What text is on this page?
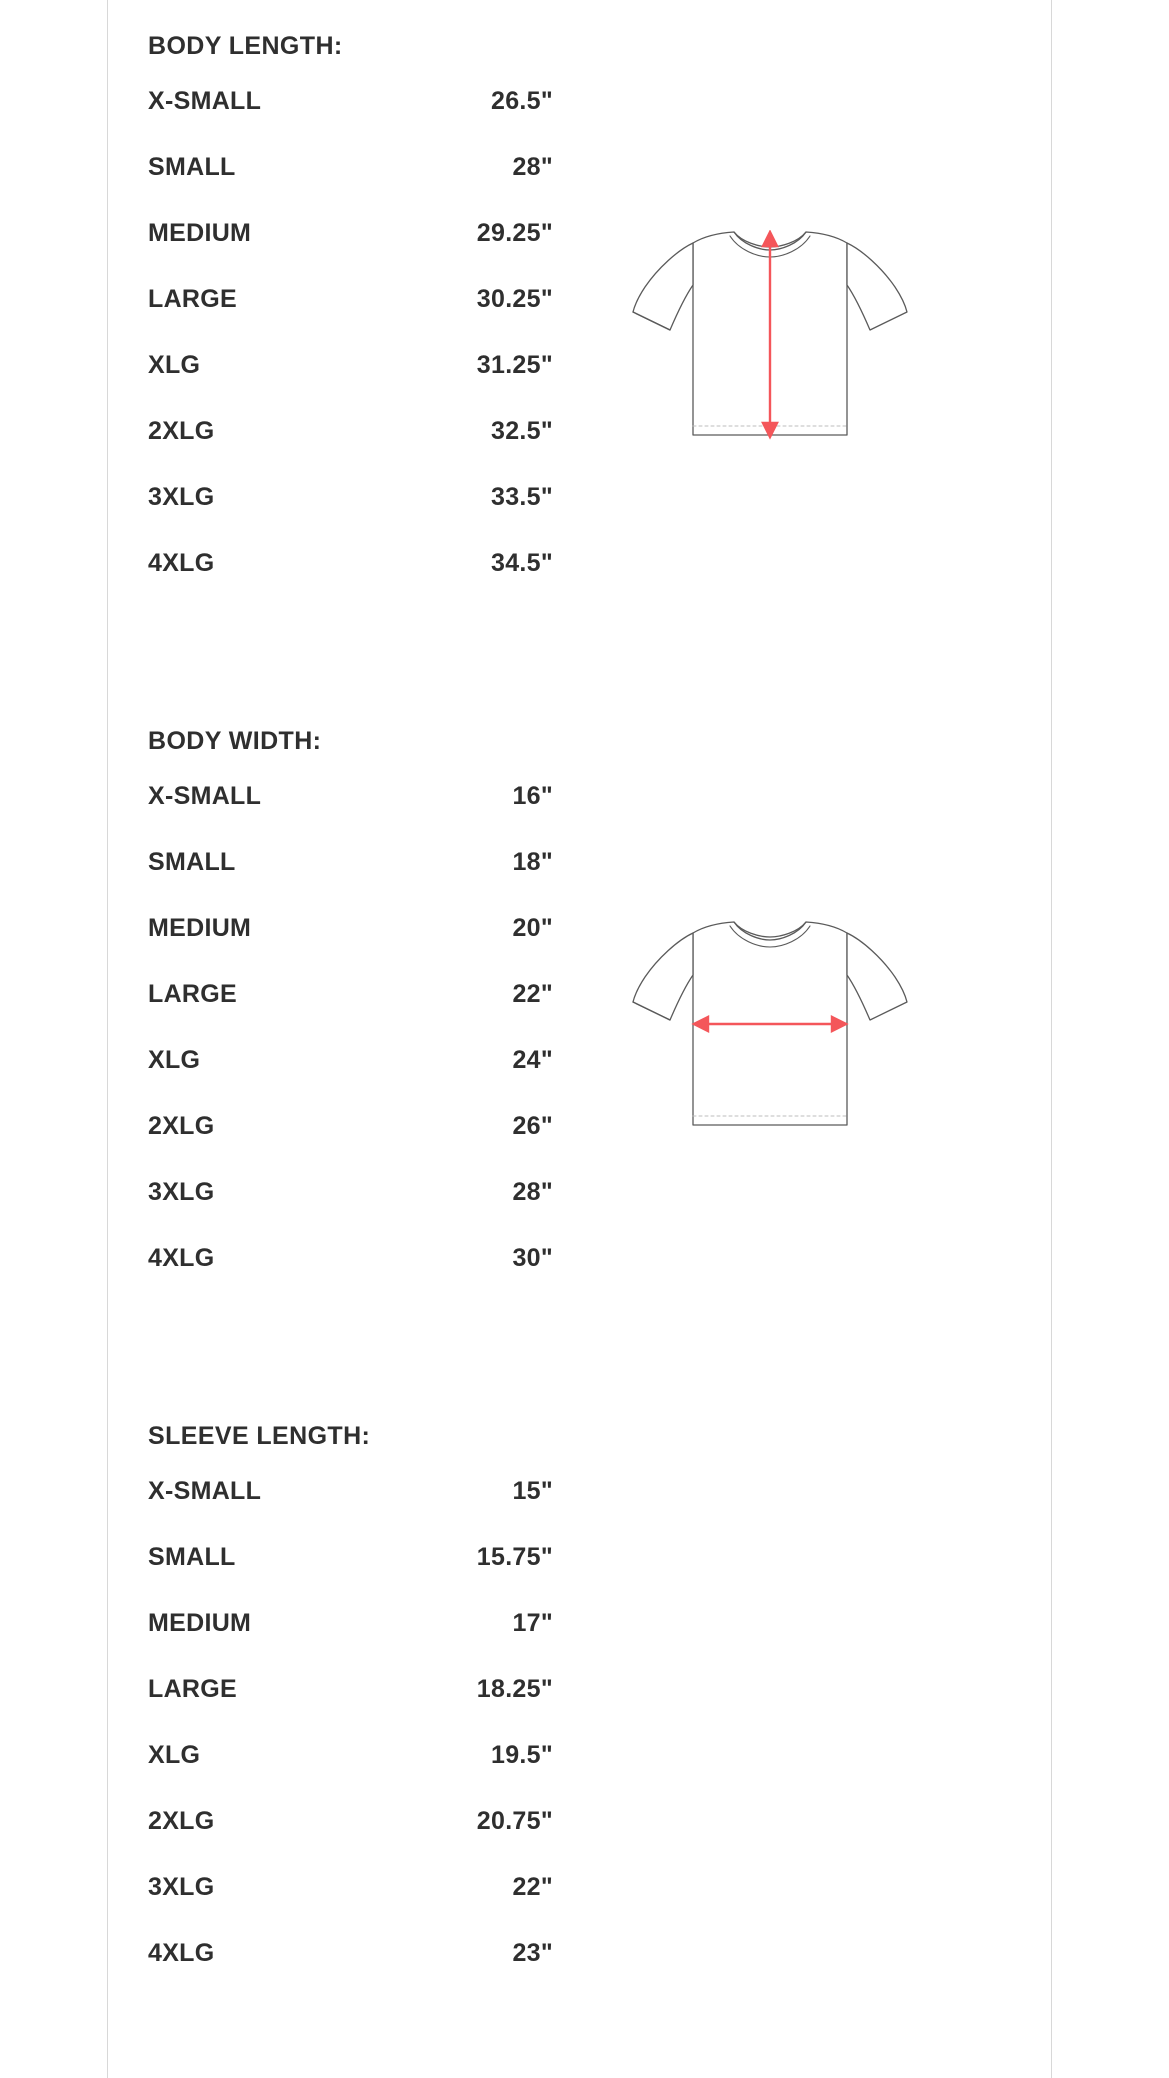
BODY LENGTH:
X-SMALL	26.5"
SMALL	28"
MEDIUM	29.25"
LARGE	30.25"
XLG	31.25"
2XLG	32.5"
3XLG	33.5"
4XLG	34.5"
BODY WIDTH:
X-SMALL	16"
SMALL	18"
MEDIUM	20"
LARGE	22"
XLG	24"
2XLG	26"
3XLG	28"
4XLG	30"
SLEEVE LENGTH:
X-SMALL	15"
SMALL	15.75"
MEDIUM	17"
LARGE	18.25"
XLG	19.5"
2XLG	20.75"
3XLG	22"
4XLG	23"
